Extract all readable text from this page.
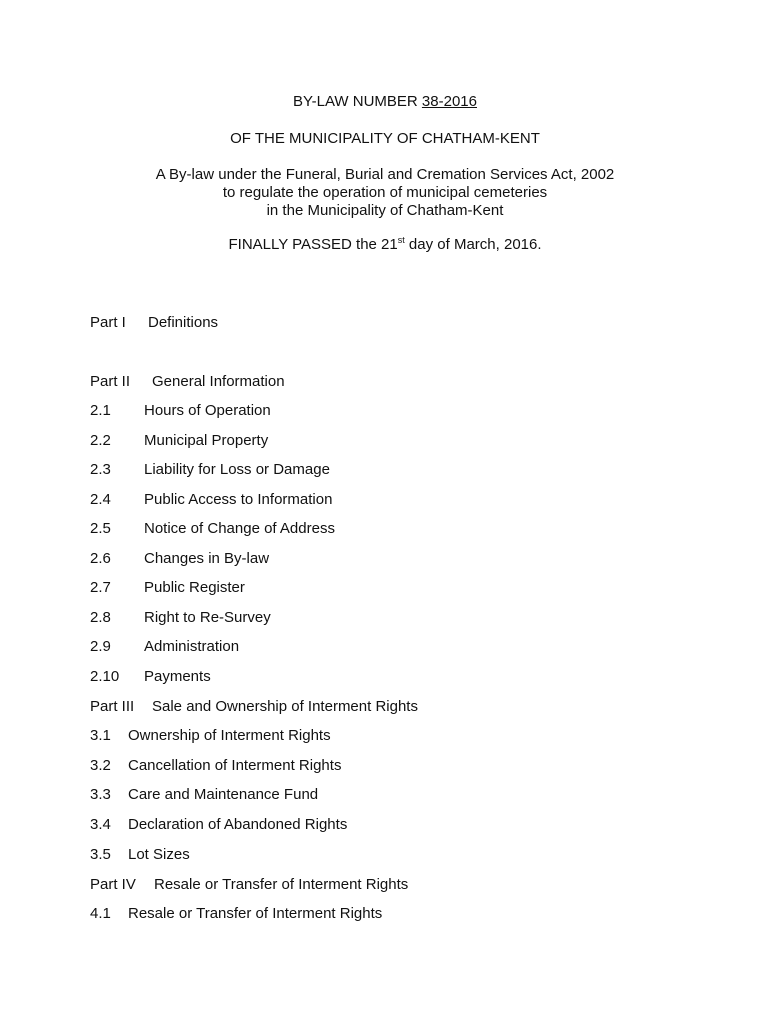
BY-LAW NUMBER 38-2016
OF THE MUNICIPALITY OF CHATHAM-KENT
A By-law under the Funeral, Burial and Cremation Services Act, 2002
to regulate the operation of municipal cemeteries
in the Municipality of Chatham-Kent
FINALLY PASSED the 21st day of March, 2016.
Part I Definitions
Part II General Information
2.1 Hours of Operation
2.2 Municipal Property
2.3 Liability for Loss or Damage
2.4 Public Access to Information
2.5 Notice of Change of Address
2.6 Changes in By-law
2.7 Public Register
2.8 Right to Re-Survey
2.9 Administration
2.10 Payments
Part III Sale and Ownership of Interment Rights
3.1 Ownership of Interment Rights
3.2 Cancellation of Interment Rights
3.3 Care and Maintenance Fund
3.4 Declaration of Abandoned Rights
3.5 Lot Sizes
Part IV Resale or Transfer of Interment Rights
4.1 Resale or Transfer of Interment Rights
